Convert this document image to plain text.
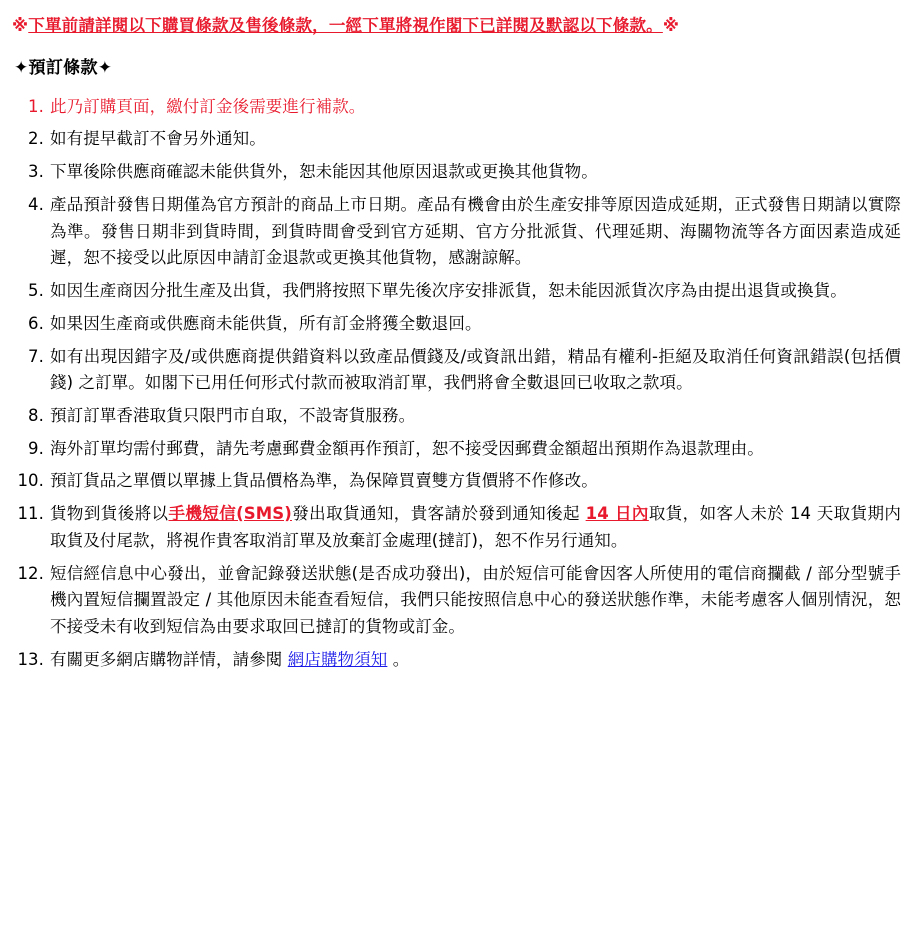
※下單前請詳閱以下購買條款及售後條款，一經下單將視作閣下已詳閱及默認以下條款。※
✦預訂條款✦
1. 此乃訂購頁面，繳付訂金後需要進行補款。
2. 如有提早截訂不會另外通知。
3. 下單後除供應商確認未能供貨外，恕未能因其他原因退款或更換其他貨物。
4. 產品預計發售日期僅為官方預計的商品上市日期。產品有機會由於生產安排等原因造成延期，正式發售日期請以實際為準。發售日期非到貨時間，到貨時間會受到官方延期、官方分批派貨、代理延期、海關物流等各方面因素造成延遲，恕不接受以此原因申請訂金退款或更換其他貨物，感謝諒解。
5. 如因生產商因分批生產及出貨，我們將按照下單先後次序安排派貨，恕未能因派貨次序為由提出退貨或換貨。
6. 如果因生產商或供應商未能供貨，所有訂金將獲全數退回。
7. 如有出現因錯字及/或供應商提供錯資料以致產品價錢及/或資訊出錯，精品有權利-拒絕及取消任何資訊錯誤(包括價錢) 之訂單。如閣下已用任何形式付款而被取消訂單，我們將會全數退回已收取之款項。
8. 預訂訂單香港取貨只限門市自取，不設寄貨服務。
9. 海外訂單均需付郵費，請先考慮郵費金額再作預訂，恕不接受因郵費金額超出預期作為退款理由。
10. 預訂貨品之單價以單據上貨品價格為準，為保障買賣雙方貨價將不作修改。
11. 貨物到貨後將以手機短信(SMS)發出取貨通知，貴客請於發到通知後起 14 日內取貨，如客人未於 14 天取貨期内取貨及付尾款，將視作貴客取消訂單及放棄訂金處理(撻訂)，恕不作另行通知。
12. 短信經信息中心發出，並會記錄發送狀態(是否成功發出)，由於短信可能會因客人所使用的電信商攔截 / 部分型號手機內置短信攔置設定 / 其他原因未能查看短信，我們只能按照信息中心的發送狀態作準，未能考慮客人個別情況，恕不接受未有收到短信為由要求取回已撻訂的貨物或訂金。
13. 有關更多網店購物詳情，請參閱 網店購物須知 。
